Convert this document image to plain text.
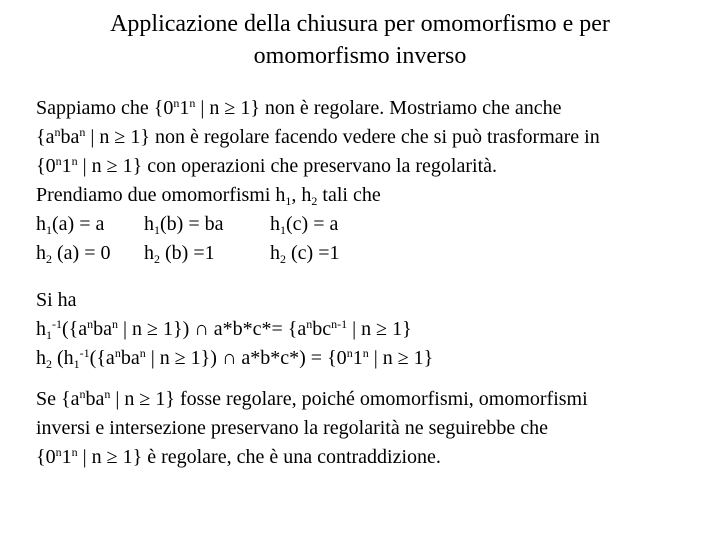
Applicazione della chiusura per omomorfismo e per
omomorfismo inverso
Sappiamo che {0$^n$1$^n$ | n ≥ 1} non è regolare. Mostriamo che anche
{$a^nba^n$ | n ≥ 1} non è regolare facendo vedere che si può trasformare in
{0$^n$1$^n$ | n ≥ 1} con operazioni che preservano la regolarità.
Prendiamo due omomorfismi $h_1$, $h_2$ tali che
$h_1(a) = a$ $h_1(b)$ = ba $h_1(c) = a$
$h_2$ (a) = 0 $h_2$ (b) =1	$h_2$ (c) =1
Si ha
$h_1^{-1}(\{a^nba^n$ | n ≥ 1}) ∩ $a*b*c*= \{a^nbc^{n-1}$ | n ≥ 1}
$h_2$ ($h_1^{-1}(\{a^nba^n$ | n ≥ 1}) ∩ $a*b*c*) = \{0^n1^n$ | n ≥ 1}
Se {$a^nba^n$ | n ≥ 1} fosse regolare, poiché omomorfismi, omomorfismi
inversi e intersezione preservano la regolarità ne seguirebbe che
{0$^n$1$^n$ | n ≥ 1} è regolare, che è una contraddizione.
